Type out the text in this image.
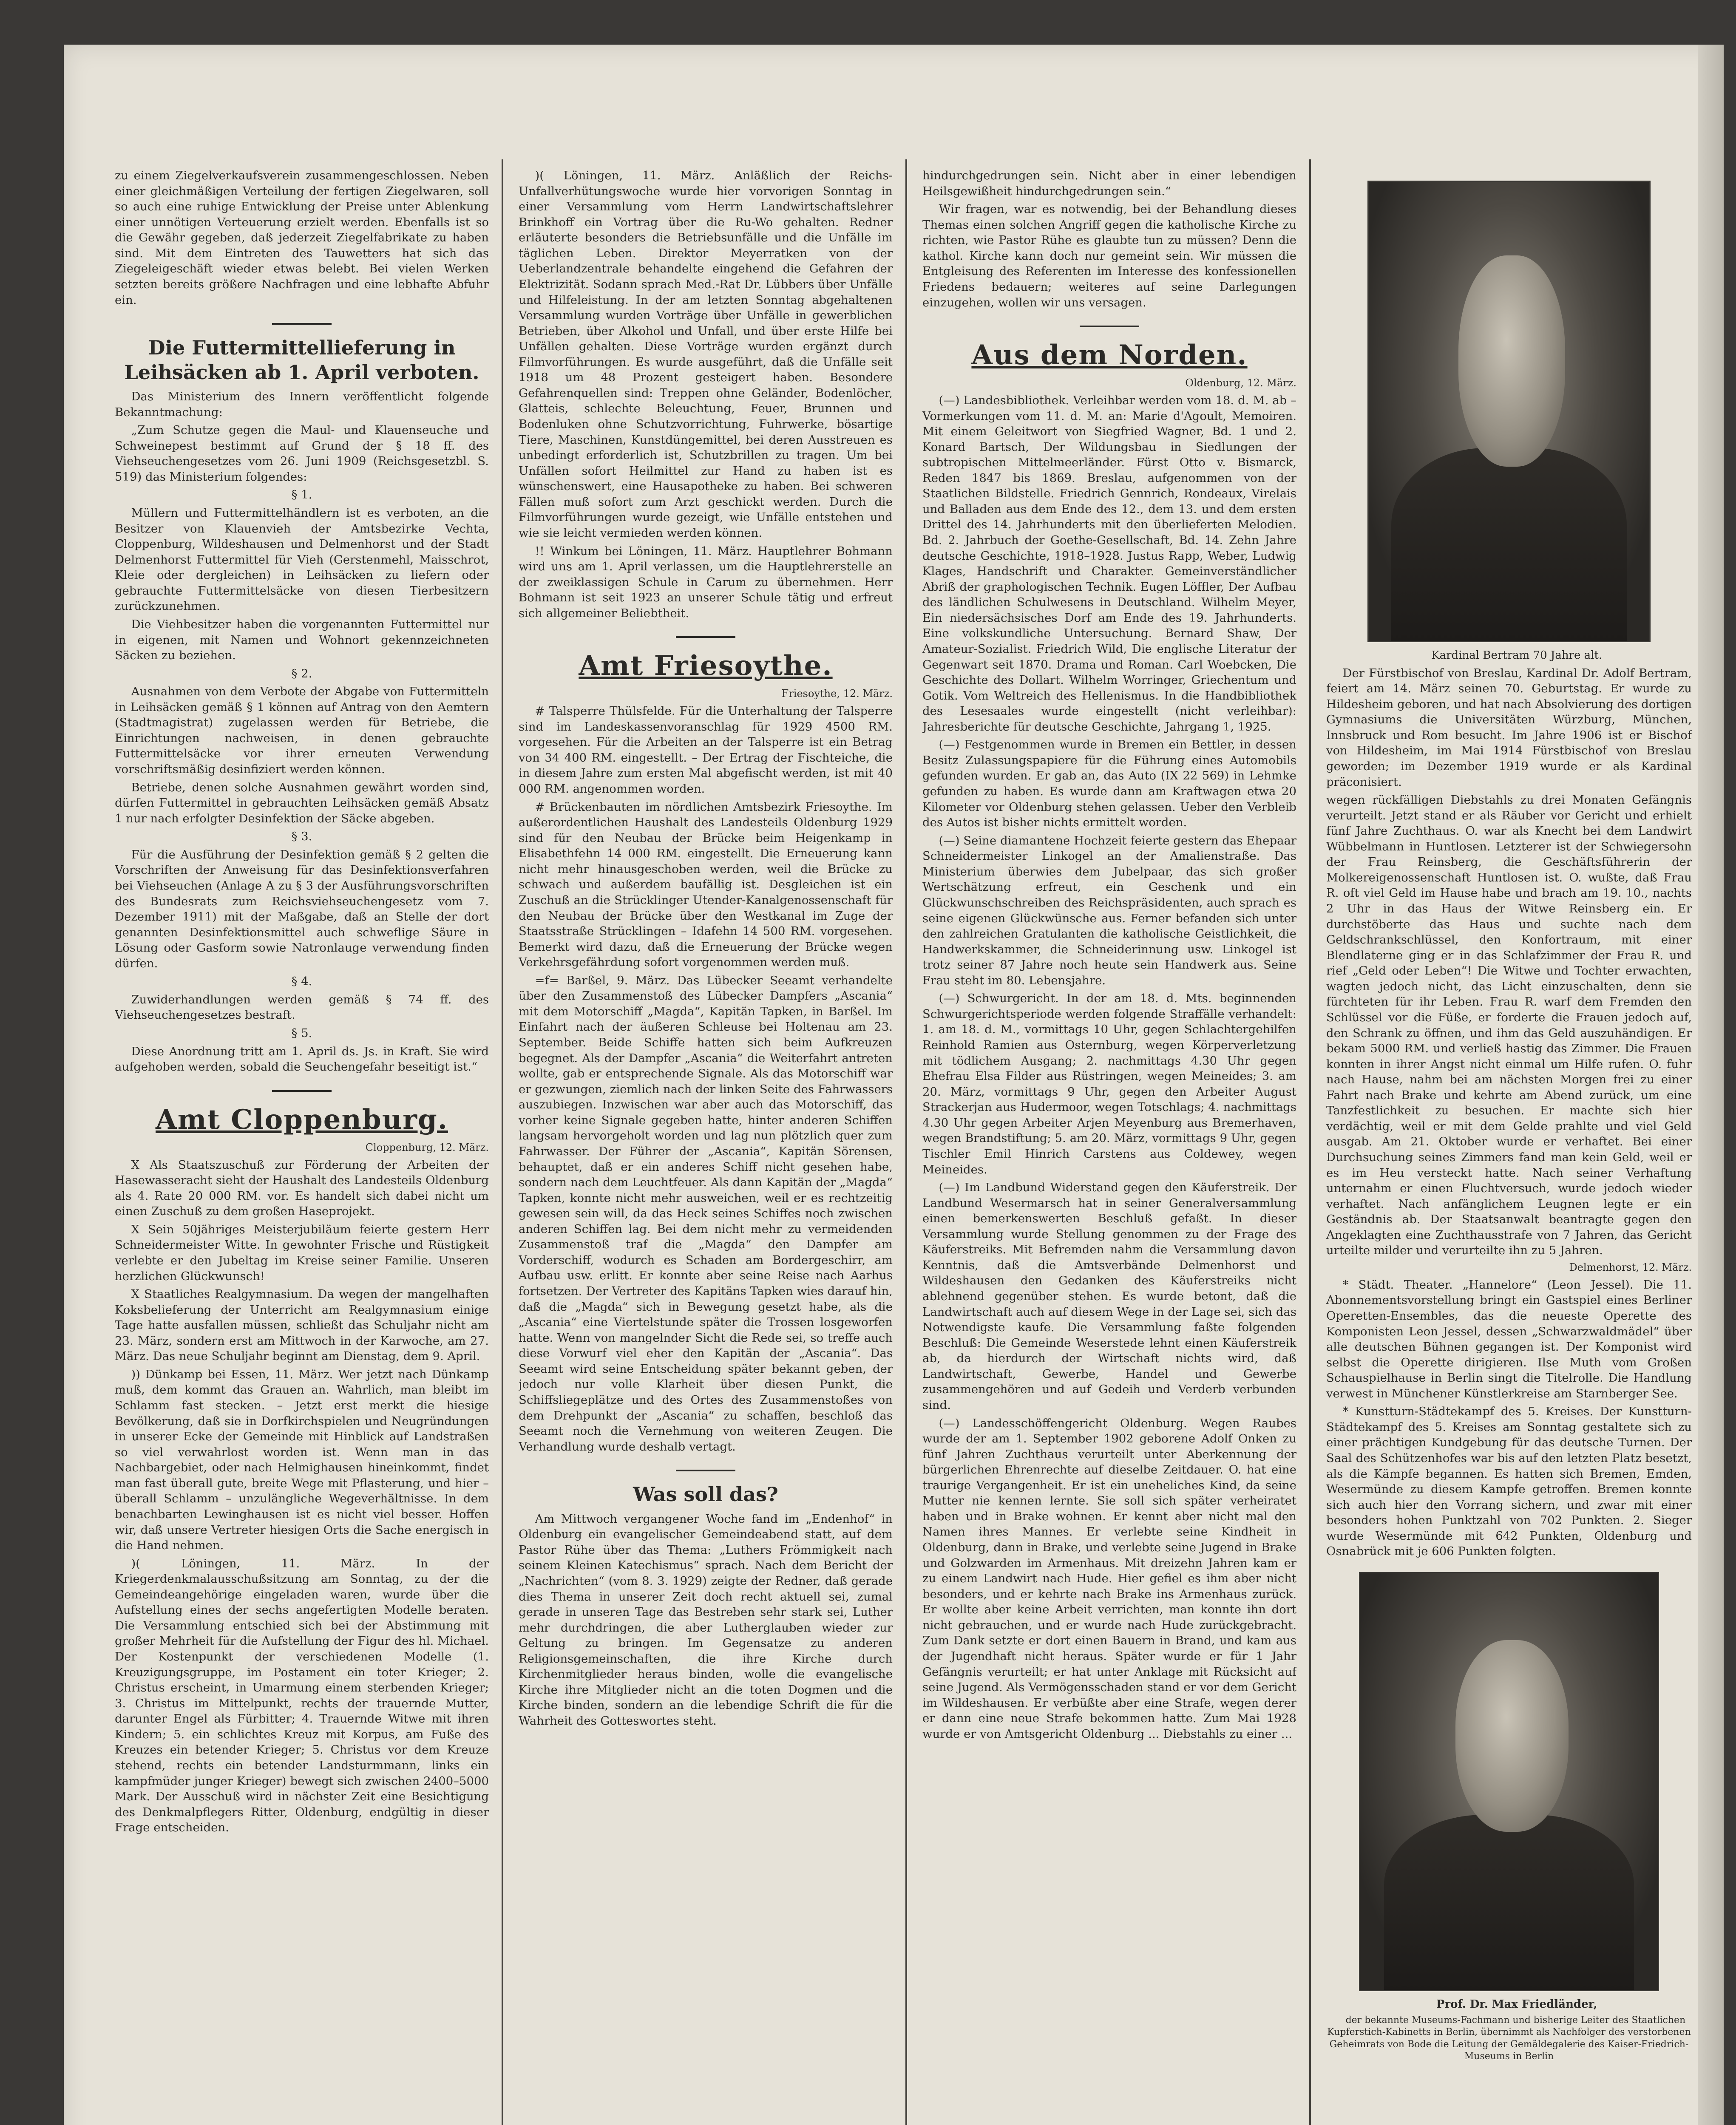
zu einem Ziegelverkaufsverein zusammengeschlossen. Neben einer gleichmäßigen Verteilung der fertigen Ziegelwaren, soll so auch eine ruhige Entwicklung der Preise unter Ablenkung einer unnötigen Verteuerung erzielt werden. Ebenfalls ist so die Gewähr gegeben, daß jederzeit Ziegelfabrikate zu haben sind. Mit dem Eintreten des Tauwetters hat sich das Ziegeleigeschäft wieder etwas belebt. Bei vielen Werken setzten bereits größere Nachfragen und eine lebhafte Abfuhr ein.

Die Futtermittellieferung in Leihsäcken ab 1. April verboten.

Das Ministerium des Innern veröffentlicht folgende Bekanntmachung:

„Zum Schutze gegen die Maul- und Klauenseuche und Schweinepest bestimmt auf Grund der § 18 ff. des Viehseuchengesetzes vom 26. Juni 1909 (Reichsgesetzbl. S. 519) das Ministerium folgendes:

§ 1.

Müllern und Futtermittelhändlern ist es verboten, an die Besitzer von Klauenvieh der Amtsbezirke Vechta, Cloppenburg, Wildeshausen und Delmenhorst und der Stadt Delmenhorst Futtermittel für Vieh (Gerstenmehl, Maisschrot, Kleie oder dergleichen) in Leihsäcken zu liefern oder gebrauchte Futtermittelsäcke von diesen Tierbesitzern zurückzunehmen.

Die Viehbesitzer haben die vorgenannten Futtermittel nur in eigenen, mit Namen und Wohnort gekennzeichneten Säcken zu beziehen.

§ 2.

Ausnahmen von dem Verbote der Abgabe von Futtermitteln in Leihsäcken gemäß § 1 können auf Antrag von den Aemtern (Stadtmagistrat) zugelassen werden für Betriebe, die Einrichtungen nachweisen, in denen gebrauchte Futtermittelsäcke vor ihrer erneuten Verwendung vorschriftsmäßig desinfiziert werden können.

Betriebe, denen solche Ausnahmen gewährt worden sind, dürfen Futtermittel in gebrauchten Leihsäcken gemäß Absatz 1 nur nach erfolgter Desinfektion der Säcke abgeben.

§ 3.

Für die Ausführung der Desinfektion gemäß § 2 gelten die Vorschriften der Anweisung für das Desinfektionsverfahren bei Viehseuchen (Anlage A zu § 3 der Ausführungsvorschriften des Bundesrats zum Reichsviehseuchengesetz vom 7. Dezember 1911) mit der Maßgabe, daß an Stelle der dort genannten Desinfektionsmittel auch schweflige Säure in Lösung oder Gasform sowie Natronlauge verwendung finden dürfen.

§ 4.

Zuwiderhandlungen werden gemäß § 74 ff. des Viehseuchengesetzes bestraft.

§ 5.

Diese Anordnung tritt am 1. April ds. Js. in Kraft. Sie wird aufgehoben werden, sobald die Seuchengefahr beseitigt ist.“

Amt Cloppenburg.

Cloppenburg, 12. März.

X Als Staatszuschuß zur Förderung der Arbeiten der Hasewasseracht sieht der Haushalt des Landesteils Oldenburg als 4. Rate 20 000 RM. vor. Es handelt sich dabei nicht um einen Zuschuß zu dem großen Haseprojekt.

X Sein 50jähriges Meisterjubiläum feierte gestern Herr Schneidermeister Witte. In gewohnter Frische und Rüstigkeit verlebte er den Jubeltag im Kreise seiner Familie. Unseren herzlichen Glückwunsch!

X Staatliches Realgymnasium. Da wegen der mangelhaften Koksbelieferung der Unterricht am Realgymnasium einige Tage hatte ausfallen müssen, schließt das Schuljahr nicht am 23. März, sondern erst am Mittwoch in der Karwoche, am 27. März. Das neue Schuljahr beginnt am Dienstag, dem 9. April.

)) Dünkamp bei Essen, 11. März. Wer jetzt nach Dünkamp muß, dem kommt das Grauen an. Wahrlich, man bleibt im Schlamm fast stecken. – Jetzt erst merkt die hiesige Bevölkerung, daß sie in Dorfkirchspielen und Neugründungen in unserer Ecke der Gemeinde mit Hinblick auf Landstraßen so viel verwahrlost worden ist. Wenn man in das Nachbargebiet, oder nach Helmighausen hineinkommt, findet man fast überall gute, breite Wege mit Pflasterung, und hier – überall Schlamm – unzulängliche Wegeverhältnisse. In dem benachbarten Lewinghausen ist es nicht viel besser. Hoffen wir, daß unsere Vertreter hiesigen Orts die Sache energisch in die Hand nehmen.

)( Löningen, 11. März. In der Kriegerdenkmalausschußsitzung am Sonntag, zu der die Gemeindeangehörige eingeladen waren, wurde über die Aufstellung eines der sechs angefertigten Modelle beraten. Die Versammlung entschied sich bei der Abstimmung mit großer Mehrheit für die Aufstellung der Figur des hl. Michael. Der Kostenpunkt der verschiedenen Modelle (1. Kreuzigungsgruppe, im Postament ein toter Krieger; 2. Christus erscheint, in Umarmung einem sterbenden Krieger; 3. Christus im Mittelpunkt, rechts der trauernde Mutter, darunter Engel als Fürbitter; 4. Trauernde Witwe mit ihren Kindern; 5. ein schlichtes Kreuz mit Korpus, am Fuße des Kreuzes ein betender Krieger; 5. Christus vor dem Kreuze stehend, rechts ein betender Landsturmmann, links ein kampfmüder junger Krieger) bewegt sich zwischen 2400–5000 Mark. Der Ausschuß wird in nächster Zeit eine Besichtigung des Denkmalpflegers Ritter, Oldenburg, endgültig in dieser Frage entscheiden.

)( Löningen, 11. März. Anläßlich der Reichs-Unfallverhütungswoche wurde hier vorvorigen Sonntag in einer Versammlung vom Herrn Landwirtschaftslehrer Brinkhoff ein Vortrag über die Ru-Wo gehalten. Redner erläuterte besonders die Betriebsunfälle und die Unfälle im täglichen Leben. Direktor Meyerratken von der Ueberlandzentrale behandelte eingehend die Gefahren der Elektrizität. Sodann sprach Med.-Rat Dr. Lübbers über Unfälle und Hilfeleistung. In der am letzten Sonntag abgehaltenen Versammlung wurden Vorträge über Unfälle in gewerblichen Betrieben, über Alkohol und Unfall, und über erste Hilfe bei Unfällen gehalten. Diese Vorträge wurden ergänzt durch Filmvorführungen. Es wurde ausgeführt, daß die Unfälle seit 1918 um 48 Prozent gesteigert haben. Besondere Gefahrenquellen sind: Treppen ohne Geländer, Bodenlöcher, Glatteis, schlechte Beleuchtung, Feuer, Brunnen und Bodenluken ohne Schutzvorrichtung, Fuhrwerke, bösartige Tiere, Maschinen, Kunstdüngemittel, bei deren Ausstreuen es unbedingt erforderlich ist, Schutzbrillen zu tragen. Um bei Unfällen sofort Heilmittel zur Hand zu haben ist es wünschenswert, eine Hausapotheke zu haben. Bei schweren Fällen muß sofort zum Arzt geschickt werden. Durch die Filmvorführungen wurde gezeigt, wie Unfälle entstehen und wie sie leicht vermieden werden können.

!! Winkum bei Löningen, 11. März. Hauptlehrer Bohmann wird uns am 1. April verlassen, um die Hauptlehrerstelle an der zweiklassigen Schule in Carum zu übernehmen. Herr Bohmann ist seit 1923 an unserer Schule tätig und erfreut sich allgemeiner Beliebtheit.

Amt Friesoythe.

Friesoythe, 12. März.

# Talsperre Thülsfelde. Für die Unterhaltung der Talsperre sind im Landeskassenvoranschlag für 1929 4500 RM. vorgesehen. Für die Arbeiten an der Talsperre ist ein Betrag von 34 400 RM. eingestellt. – Der Ertrag der Fischteiche, die in diesem Jahre zum ersten Mal abgefischt werden, ist mit 40 000 RM. angenommen worden.

# Brückenbauten im nördlichen Amtsbezirk Friesoythe. Im außerordentlichen Haushalt des Landesteils Oldenburg 1929 sind für den Neubau der Brücke beim Heigenkamp in Elisabethfehn 14 000 RM. eingestellt. Die Erneuerung kann nicht mehr hinausgeschoben werden, weil die Brücke zu schwach und außerdem baufällig ist. Desgleichen ist ein Zuschuß an die Strücklinger Utender-Kanalgenossenschaft für den Neubau der Brücke über den Westkanal im Zuge der Staatsstraße Strücklingen – Idafehn 14 500 RM. vorgesehen. Bemerkt wird dazu, daß die Erneuerung der Brücke wegen Verkehrsgefährdung sofort vorgenommen werden muß.

=f= Barßel, 9. März. Das Lübecker Seeamt verhandelte über den Zusammenstoß des Lübecker Dampfers „Ascania“ mit dem Motorschiff „Magda“, Kapitän Tapken, in Barßel. Im Einfahrt nach der äußeren Schleuse bei Holtenau am 23. September. Beide Schiffe hatten sich beim Aufkreuzen begegnet. Als der Dampfer „Ascania“ die Weiterfahrt antreten wollte, gab er entsprechende Signale. Als das Motorschiff war er gezwungen, ziemlich nach der linken Seite des Fahrwassers auszubiegen. Inzwischen war aber auch das Motorschiff, das vorher keine Signale gegeben hatte, hinter anderen Schiffen langsam hervorgeholt worden und lag nun plötzlich quer zum Fahrwasser. Der Führer der „Ascania“, Kapitän Sörensen, behauptet, daß er ein anderes Schiff nicht gesehen habe, sondern nach dem Leuchtfeuer. Als dann Kapitän der „Magda“ Tapken, konnte nicht mehr ausweichen, weil er es rechtzeitig gewesen sein will, da das Heck seines Schiffes noch zwischen anderen Schiffen lag. Bei dem nicht mehr zu vermeidenden Zusammenstoß traf die „Magda“ den Dampfer am Vorderschiff, wodurch es Schaden am Bordergeschirr, am Aufbau usw. erlitt. Er konnte aber seine Reise nach Aarhus fortsetzen. Der Vertreter des Kapitäns Tapken wies darauf hin, daß die „Magda“ sich in Bewegung gesetzt habe, als die „Ascania“ eine Viertelstunde später die Trossen losgeworfen hatte. Wenn von mangelnder Sicht die Rede sei, so treffe auch diese Vorwurf viel eher den Kapitän der „Ascania“. Das Seeamt wird seine Entscheidung später bekannt geben, der jedoch nur volle Klarheit über diesen Punkt, die Schiffsliegeplätze und des Ortes des Zusammenstoßes von dem Drehpunkt der „Ascania“ zu schaffen, beschloß das Seeamt noch die Vernehmung von weiteren Zeugen. Die Verhandlung wurde deshalb vertagt.

Was soll das?

Am Mittwoch vergangener Woche fand im „Endenhof“ in Oldenburg ein evangelischer Gemeindeabend statt, auf dem Pastor Rühe über das Thema: „Luthers Frömmigkeit nach seinem Kleinen Katechismus“ sprach. Nach dem Bericht der „Nachrichten“ (vom 8. 3. 1929) zeigte der Redner, daß gerade dies Thema in unserer Zeit doch recht aktuell sei, zumal gerade in unseren Tage das Bestreben sehr stark sei, Luther mehr durchdringen, die aber Lutherglauben wieder zur Geltung zu bringen. Im Gegensatze zu anderen Religionsgemeinschaften, die ihre Kirche durch Kirchenmitglieder heraus binden, wolle die evangelische Kirche ihre Mitglieder nicht an die toten Dogmen und die Kirche binden, sondern an die lebendige Schrift die für die Wahrheit des Gotteswortes steht.

hindurchgedrungen sein. Nicht aber in einer lebendigen Heilsgewißheit hindurchgedrungen sein.“

Wir fragen, war es notwendig, bei der Behandlung dieses Themas einen solchen Angriff gegen die katholische Kirche zu richten, wie Pastor Rühe es glaubte tun zu müssen? Denn die kathol. Kirche kann doch nur gemeint sein. Wir müssen die Entgleisung des Referenten im Interesse des konfessionellen Friedens bedauern; weiteres auf seine Darlegungen einzugehen, wollen wir uns versagen.

Aus dem Norden.

Oldenburg, 12. März.

(—) Landesbibliothek. Verleihbar werden vom 18. d. M. ab – Vormerkungen vom 11. d. M. an: Marie d'Agoult, Memoiren. Mit einem Geleitwort von Siegfried Wagner, Bd. 1 und 2. Konard Bartsch, Der Wildungsbau in Siedlungen der subtropischen Mittelmeerländer. Fürst Otto v. Bismarck, Reden 1847 bis 1869. Breslau, aufgenommen von der Staatlichen Bildstelle. Friedrich Gennrich, Rondeaux, Virelais und Balladen aus dem Ende des 12., dem 13. und dem ersten Drittel des 14. Jahrhunderts mit den überlieferten Melodien. Bd. 2. Jahrbuch der Goethe-Gesellschaft, Bd. 14. Zehn Jahre deutsche Geschichte, 1918–1928. Justus Rapp, Weber, Ludwig Klages, Handschrift und Charakter. Gemeinverständlicher Abriß der graphologischen Technik. Eugen Löffler, Der Aufbau des ländlichen Schulwesens in Deutschland. Wilhelm Meyer, Ein niedersächsisches Dorf am Ende des 19. Jahrhunderts. Eine volkskundliche Untersuchung. Bernard Shaw, Der Amateur-Sozialist. Friedrich Wild, Die englische Literatur der Gegenwart seit 1870. Drama und Roman. Carl Woebcken, Die Geschichte des Dollart. Wilhelm Worringer, Griechentum und Gotik. Vom Weltreich des Hellenismus. In die Handbibliothek des Lesesaales wurde eingestellt (nicht verleihbar): Jahresberichte für deutsche Geschichte, Jahrgang 1, 1925.

(—) Festgenommen wurde in Bremen ein Bettler, in dessen Besitz Zulassungspapiere für die Führung eines Automobils gefunden wurden. Er gab an, das Auto (IX 22 569) in Lehmke gefunden zu haben. Es wurde dann am Kraftwagen etwa 20 Kilometer vor Oldenburg stehen gelassen. Ueber den Verbleib des Autos ist bisher nichts ermittelt worden.

(—) Seine diamantene Hochzeit feierte gestern das Ehepaar Schneidermeister Linkogel an der Amalienstraße. Das Ministerium überwies dem Jubelpaar, das sich großer Wertschätzung erfreut, ein Geschenk und ein Glückwunschschreiben des Reichspräsidenten, auch sprach es seine eigenen Glückwünsche aus. Ferner befanden sich unter den zahlreichen Gratulanten die katholische Geistlichkeit, die Handwerkskammer, die Schneiderinnung usw. Linkogel ist trotz seiner 87 Jahre noch heute sein Handwerk aus. Seine Frau steht im 80. Lebensjahre.

(—) Schwurgericht. In der am 18. d. Mts. beginnenden Schwurgerichtsperiode werden folgende Straffälle verhandelt: 1. am 18. d. M., vormittags 10 Uhr, gegen Schlachtergehilfen Reinhold Ramien aus Osternburg, wegen Körperverletzung mit tödlichem Ausgang; 2. nachmittags 4.30 Uhr gegen Ehefrau Elsa Filder aus Rüstringen, wegen Meineides; 3. am 20. März, vormittags 9 Uhr, gegen den Arbeiter August Strackerjan aus Hudermoor, wegen Totschlags; 4. nachmittags 4.30 Uhr gegen Arbeiter Arjen Meyenburg aus Bremerhaven, wegen Brandstiftung; 5. am 20. März, vormittags 9 Uhr, gegen Tischler Emil Hinrich Carstens aus Coldewey, wegen Meineides.

(—) Im Landbund Widerstand gegen den Käuferstreik. Der Landbund Wesermarsch hat in seiner Generalversammlung einen bemerkenswerten Beschluß gefaßt. In dieser Versammlung wurde Stellung genommen zu der Frage des Käuferstreiks. Mit Befremden nahm die Versammlung davon Kenntnis, daß die Amtsverbände Delmenhorst und Wildeshausen den Gedanken des Käuferstreiks nicht ablehnend gegenüber stehen. Es wurde betont, daß die Landwirtschaft auch auf diesem Wege in der Lage sei, sich das Notwendigste kaufe. Die Versammlung faßte folgenden Beschluß: Die Gemeinde Weserstede lehnt einen Käuferstreik ab, da hierdurch der Wirtschaft nichts wird, daß Landwirtschaft, Gewerbe, Handel und Gewerbe zusammengehören und auf Gedeih und Verderb verbunden sind.

(—) Landesschöffengericht Oldenburg. Wegen Raubes wurde der am 1. September 1902 geborene Adolf Onken zu fünf Jahren Zuchthaus verurteilt unter Aberkennung der bürgerlichen Ehrenrechte auf dieselbe Zeitdauer. O. hat eine traurige Vergangenheit. Er ist ein uneheliches Kind, da seine Mutter nie kennen lernte. Sie soll sich später verheiratet haben und in Brake wohnen. Er kennt aber nicht mal den Namen ihres Mannes. Er verlebte seine Kindheit in Oldenburg, dann in Brake, und verlebte seine Jugend in Brake und Golzwarden im Armenhaus. Mit dreizehn Jahren kam er zu einem Landwirt nach Hude. Hier gefiel es ihm aber nicht besonders, und er kehrte nach Brake ins Armenhaus zurück. Er wollte aber keine Arbeit verrichten, man konnte ihn dort nicht gebrauchen, und er wurde nach Hude zurückgebracht. Zum Dank setzte er dort einen Bauern in Brand, und kam aus der Jugendhaft nicht heraus. Später wurde er für 1 Jahr Gefängnis verurteilt; er hat unter Anklage mit Rücksicht auf seine Jugend. Als Vermögensschaden stand er vor dem Gericht im Wildeshausen. Er verbüßte aber eine Strafe, wegen derer er dann eine neue Strafe bekommen hatte. Zum Mai 1928 wurde er von Amtsgericht Oldenburg ... Diebstahls zu einer ...

Kardinal Bertram 70 Jahre alt.

Der Fürstbischof von Breslau, Kardinal Dr. Adolf Bertram, feiert am 14. März seinen 70. Geburtstag. Er wurde zu Hildesheim geboren, und hat nach Absolvierung des dortigen Gymnasiums die Universitäten Würzburg, München, Innsbruck und Rom besucht. Im Jahre 1906 ist er Bischof von Hildesheim, im Mai 1914 Fürstbischof von Breslau geworden; im Dezember 1919 wurde er als Kardinal präconisiert.

wegen rückfälligen Diebstahls zu drei Monaten Gefängnis verurteilt. Jetzt stand er als Räuber vor Gericht und erhielt fünf Jahre Zuchthaus. O. war als Knecht bei dem Landwirt Wübbelmann in Huntlosen. Letzterer ist der Schwiegersohn der Frau Reinsberg, die Geschäftsführerin der Molkereigenossenschaft Huntlosen ist. O. wußte, daß Frau R. oft viel Geld im Hause habe und brach am 19. 10., nachts 2 Uhr in das Haus der Witwe Reinsberg ein. Er durchstöberte das Haus und suchte nach dem Geldschrankschlüssel, den Konfortraum, mit einer Blendlaterne ging er in das Schlafzimmer der Frau R. und rief „Geld oder Leben“! Die Witwe und Tochter erwachten, wagten jedoch nicht, das Licht einzuschalten, denn sie fürchteten für ihr Leben. Frau R. warf dem Fremden den Schlüssel vor die Füße, er forderte die Frauen jedoch auf, den Schrank zu öffnen, und ihm das Geld auszuhändigen. Er bekam 5000 RM. und verließ hastig das Zimmer. Die Frauen konnten in ihrer Angst nicht einmal um Hilfe rufen. O. fuhr nach Hause, nahm bei am nächsten Morgen frei zu einer Fahrt nach Brake und kehrte am Abend zurück, um eine Tanzfestlichkeit zu besuchen. Er machte sich hier verdächtig, weil er mit dem Gelde prahlte und viel Geld ausgab. Am 21. Oktober wurde er verhaftet. Bei einer Durchsuchung seines Zimmers fand man kein Geld, weil er es im Heu versteckt hatte. Nach seiner Verhaftung unternahm er einen Fluchtversuch, wurde jedoch wieder verhaftet. Nach anfänglichem Leugnen legte er ein Geständnis ab. Der Staatsanwalt beantragte gegen den Angeklagten eine Zuchthausstrafe von 7 Jahren, das Gericht urteilte milder und verurteilte ihn zu 5 Jahren.

Delmenhorst, 12. März.

* Städt. Theater. „Hannelore“ (Leon Jessel). Die 11. Abonnementsvorstellung bringt ein Gastspiel eines Berliner Operetten-Ensembles, das die neueste Operette des Komponisten Leon Jessel, dessen „Schwarzwaldmädel“ über alle deutschen Bühnen gegangen ist. Der Komponist wird selbst die Operette dirigieren. Ilse Muth vom Großen Schauspielhause in Berlin singt die Titelrolle. Die Handlung verwest in Münchener Künstlerkreise am Starnberger See.

* Kunstturn-Städtekampf des 5. Kreises. Der Kunstturn-Städtekampf des 5. Kreises am Sonntag gestaltete sich zu einer prächtigen Kundgebung für das deutsche Turnen. Der Saal des Schützenhofes war bis auf den letzten Platz besetzt, als die Kämpfe begannen. Es hatten sich Bremen, Emden, Wesermünde zu diesem Kampfe getroffen. Bremen konnte sich auch hier den Vorrang sichern, und zwar mit einer besonders hohen Punktzahl von 702 Punkten. 2. Sieger wurde Wesermünde mit 642 Punkten, Oldenburg und Osnabrück mit je 606 Punkten folgten.

Prof. Dr. Max Friedländer,

der bekannte Museums-Fachmann und bisherige Leiter des Staatlichen Kupferstich-Kabinetts in Berlin, übernimmt als Nachfolger des verstorbenen Geheimrats von Bode die Leitung der Gemäldegalerie des Kaiser-Friedrich-Museums in Berlin
